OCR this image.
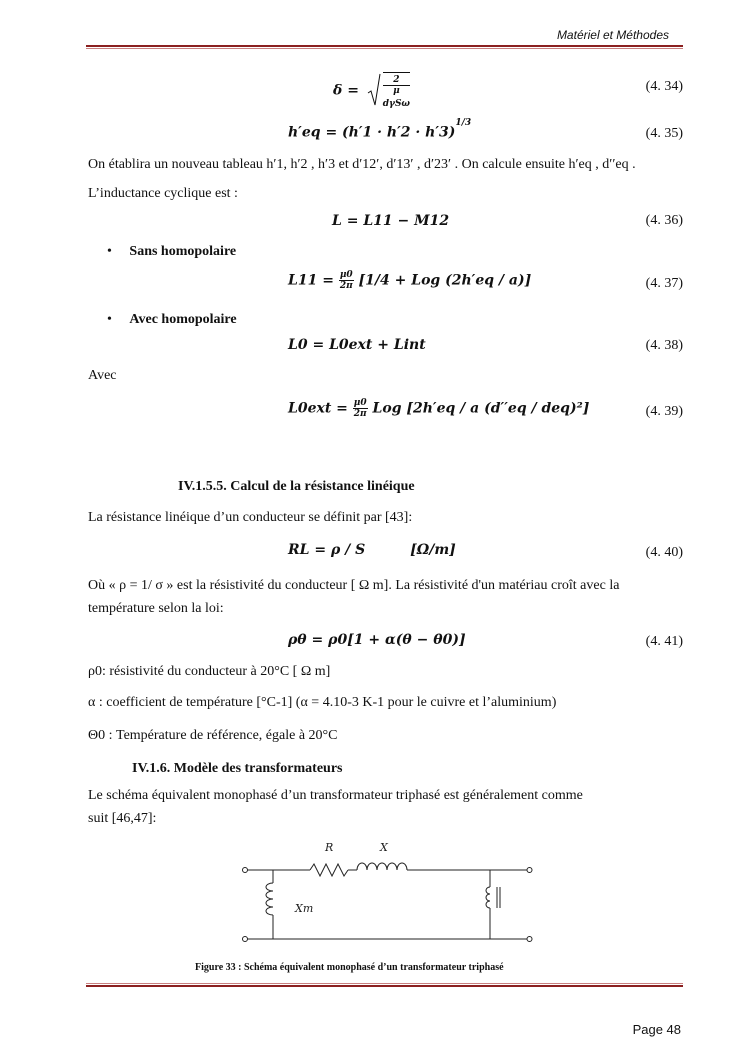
Matériel et Méthodes
δ =	2
μ
$_{d\gamma S\omega}$	(4. 34)
$h'eq = (h'1 \cdot h'2 \cdot h'3)^{1/3}$
(4. 35)
On établira un nouveau tableau h′1, h′2 , h′3 et d′12′, d′13′ , d′23′ . On calcule ensuite h′eq , d′′eq .
L’inductance cyclique est :
L = L11 − M12	(4. 36)
• Sans homopolaire
$L11 = \frac{\mu 0}{2\pi} [1/4$ + Log (2h′eq / a)]	(4. 37)
• Avec homopolaire
L0 = L0ext + Lint	(4. 38)
Avec
$L0ext = \frac{\mu 0}{2\pi}$ Log [2h′eq / a (d′′eq / deq)²]	(4. 39)
IV.1.5.5. Calcul de la résistance linéique
La résistance linéique d’un conducteur se définit par [43]:
RL = ρ / S	[Ω/m]	(4. 40)
Où « ρ = 1/ σ » est la résistivité du conducteur [ Ω m]. La résistivité d'un matériau croît avec la
température selon la loi:
ρθ = ρ0[1 + α(θ − θ0)]	(4. 41)
ρ0: résistivité du conducteur à 20°C [ Ω m]
α : coefficient de température [°C-1] (α = 4.10-3 K-1 pour le cuivre et l’aluminium)
Θ0 : Température de référence, égale à 20°C
IV.1.6. Modèle des transformateurs
Le schéma équivalent monophasé d’un transformateur triphasé est généralement comme
suit [46,47]:
R	X
Xm
Figure 33 : Schéma équivalent monophasé d’un transformateur triphasé
Page 48
